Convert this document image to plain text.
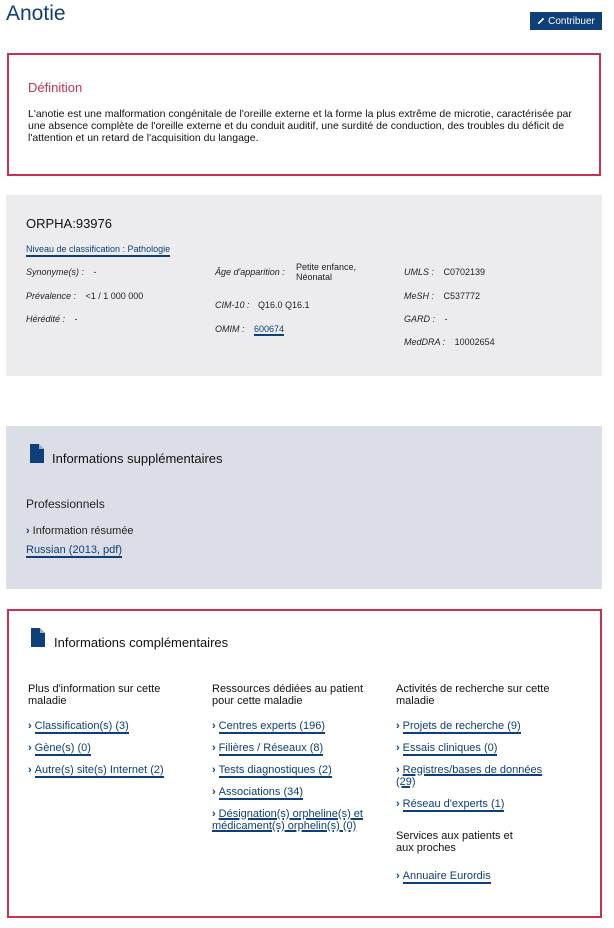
Anotie	Contribuer
Définition
L'anotie est une malformation congénitale de l'oreille externe et la forme la plus extrême de microtie, caractérisée par une absence complète de l'oreille externe et du conduit auditif, une surdité de conduction, des troubles du déficit de l'attention et un retard de l'acquisition du langage.
ORPHA:93976
Niveau de classification : Pathologie
Synonyme(s) : -
Prévalence : <1 / 1 000 000
Hérédité : -
Âge d'apparition : Petite enfance, Néonatal
CIM-10 : Q16.0 Q16.1
OMIM : 600674
UMLS : C0702139
MeSH : C537772
GARD : -
MedDRA : 10002654
Informations supplémentaires
Professionnels
› Information résumée
Russian (2013, pdf)
Informations complémentaires
Plus d'information sur cette maladie
› Classification(s) (3)
› Gène(s) (0)
› Autre(s) site(s) Internet (2)
Ressources dédiées au patient pour cette maladie
› Centres experts (196)
› Filières / Réseaux (8)
› Tests diagnostiques (2)
› Associations (34)
› Désignation(s) orpheline(s) et médicament(s) orphelin(s) (0)
Activités de recherche sur cette maladie
› Projets de recherche (9)
› Essais cliniques (0)
› Registres/bases de données (29)
› Réseau d'experts (1)
Services aux patients et aux proches
› Annuaire Eurordis
